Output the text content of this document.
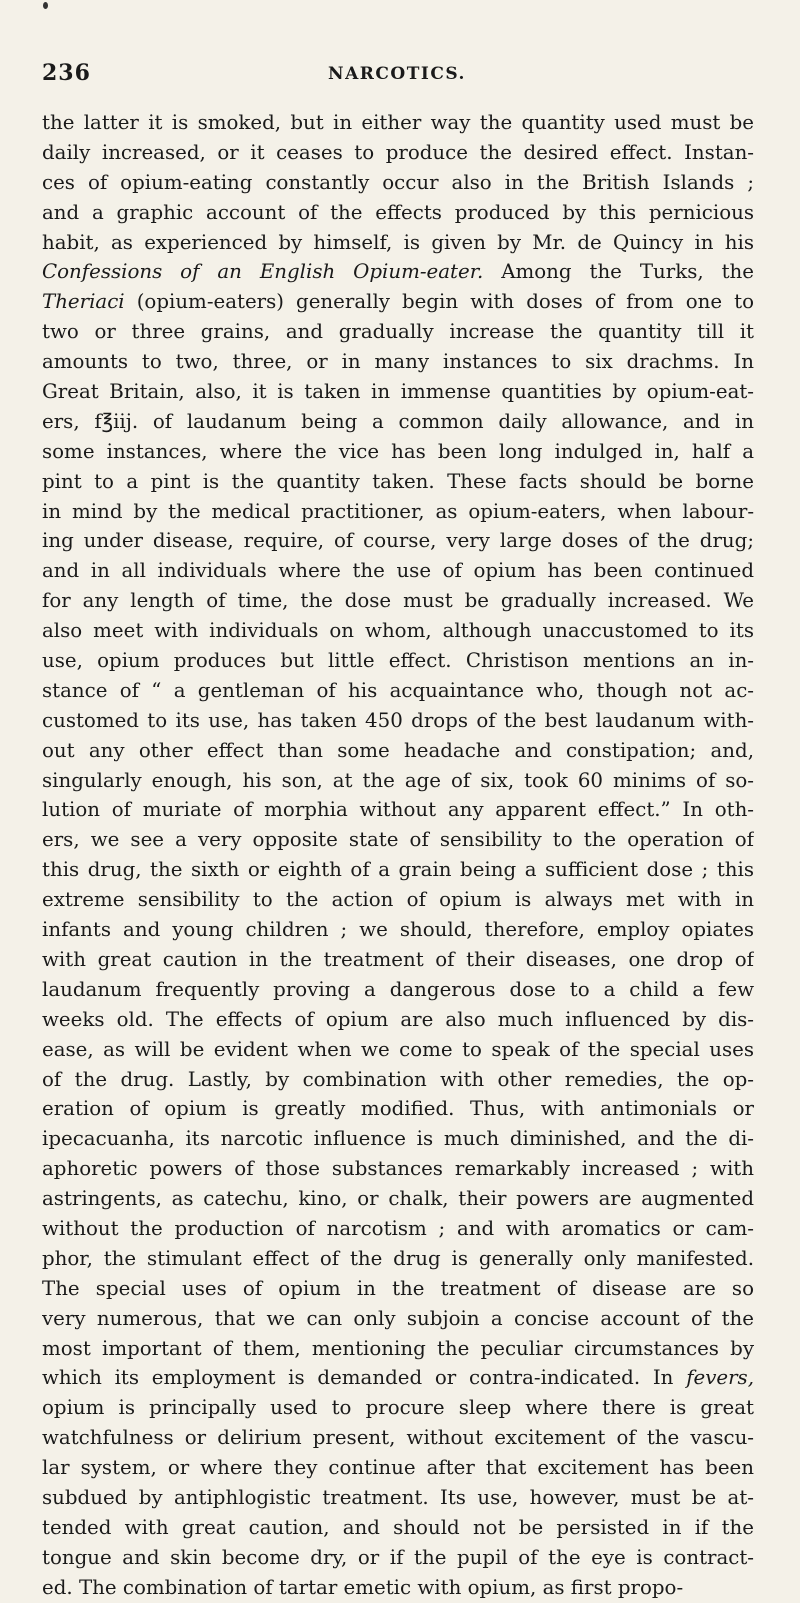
236	NARCOTICS.
the latter it is smoked, but in either way the quantity used must be
daily increased, or it ceases to produce the desired effect. Instan-
ces of opium-eating constantly occur also in the British Islands ;
and a graphic account of the effects produced by this pernicious
habit, as experienced by himself, is given by Mr. de Quincy in his
Confessions of an English Opium-eater. Among the Turks, the
Theriaci (opium-eaters) generally begin with doses of from one to
two or three grains, and gradually increase the quantity till it
amounts to two, three, or in many instances to six drachms. In
Great Britain, also, it is taken in immense quantities by opium-eat-
ers, f℥iij. of laudanum being a common daily allowance, and in
some instances, where the vice has been long indulged in, half a
pint to a pint is the quantity taken. These facts should be borne
in mind by the medical practitioner, as opium-eaters, when labour-
ing under disease, require, of course, very large doses of the drug;
and in all individuals where the use of opium has been continued
for any length of time, the dose must be gradually increased. We
also meet with individuals on whom, although unaccustomed to its
use, opium produces but little effect. Christison mentions an in-
stance of “ a gentleman of his acquaintance who, though not ac-
customed to its use, has taken 450 drops of the best laudanum with-
out any other effect than some headache and constipation; and,
singularly enough, his son, at the age of six, took 60 minims of so-
lution of muriate of morphia without any apparent effect.” In oth-
ers, we see a very opposite state of sensibility to the operation of
this drug, the sixth or eighth of a grain being a sufficient dose ; this
extreme sensibility to the action of opium is always met with in
infants and young children ; we should, therefore, employ opiates
with great caution in the treatment of their diseases, one drop of
laudanum frequently proving a dangerous dose to a child a few
weeks old. The effects of opium are also much influenced by dis-
ease, as will be evident when we come to speak of the special uses
of the drug. Lastly, by combination with other remedies, the op-
eration of opium is greatly modified. Thus, with antimonials or
ipecacuanha, its narcotic influence is much diminished, and the di-
aphoretic powers of those substances remarkably increased ; with
astringents, as catechu, kino, or chalk, their powers are augmented
without the production of narcotism ; and with aromatics or cam-
phor, the stimulant effect of the drug is generally only manifested.
The special uses of opium in the treatment of disease are so
very numerous, that we can only subjoin a concise account of the
most important of them, mentioning the peculiar circumstances by
which its employment is demanded or contra-indicated. In fevers,
opium is principally used to procure sleep where there is great
watchfulness or delirium present, without excitement of the vascu-
lar system, or where they continue after that excitement has been
subdued by antiphlogistic treatment. Its use, however, must be at-
tended with great caution, and should not be persisted in if the
tongue and skin become dry, or if the pupil of the eye is contract-
ed. The combination of tartar emetic with opium, as first propo-
